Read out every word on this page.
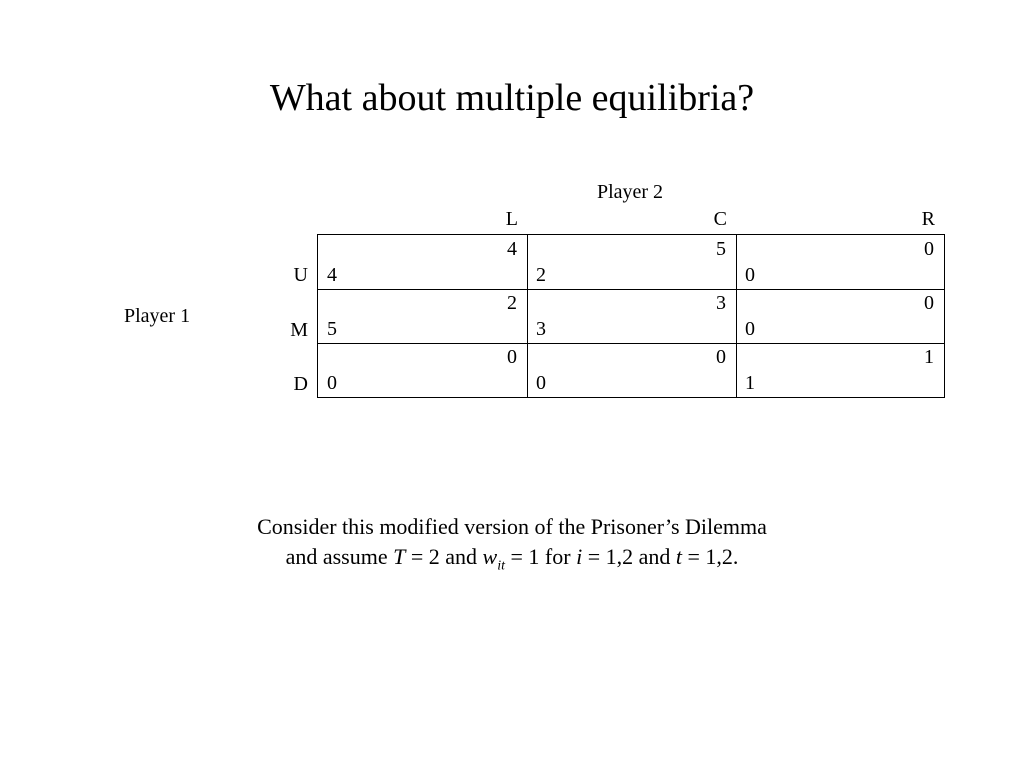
What about multiple equilibria?
Player 2
L	C	R
Player 1
U
M
D
4
4
5
2
0
0
2
5
3
3
0
0
0
0
0
0
1
1
Consider this modified version of the Prisoner’s Dilemma
and assume T = 2 and $w_{it} = 1$ for i = 1,2 and t = 1,2.
